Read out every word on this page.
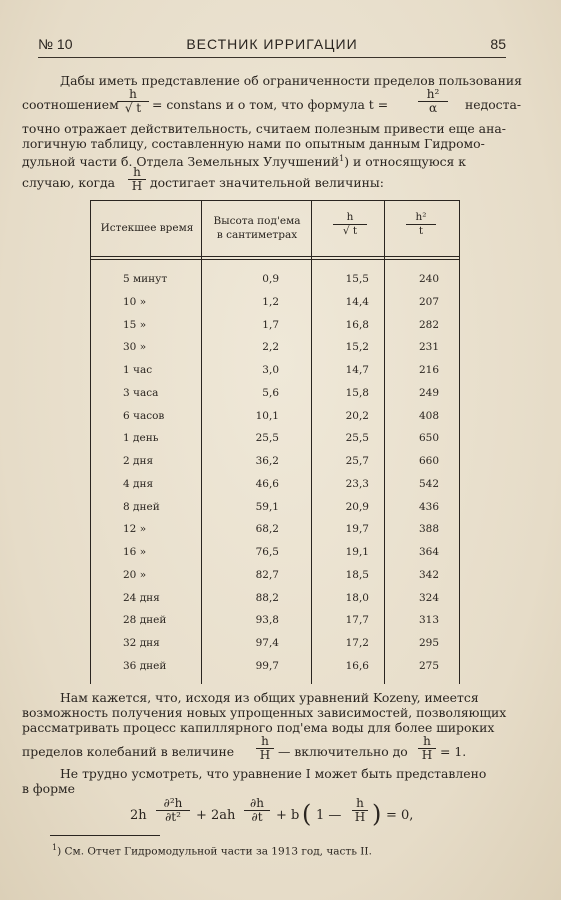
№ 10	ВЕСТНИК ИРРИГАЦИИ	85
Дабы иметь представление об ограниченности пределов пользования
соотношением
$\frac{h}{√ t}$ = constans и о том, что формула $t = \frac{\text{h²}}{\alpha}$ недоста-
точно отражает действительность, считаем полезным привести еще ана-
логичную таблицу, составленную нами по опытным данным Гидромо-
дульной части б. Отдела Земельных Улучшений$^1$) и относящуюся к
случаю, когда $\frac{h}{H}$ достигает значительной величины:
Истекшее время
Высота под'ема
в сантиметрах	$\frac{h}{√ t}$	$\frac{\text{h²}}{t}$
5 минут	0,9	15,5	240
10 »	1,2	14,4	207
15 »	1,7	16,8	282
30 »	2,2	15,2	231
1 час	3,0	14,7	216
3 часа	5,6	15,8	249
6 часов	10,1	20,2	408
1 день	25,5	25,5	650
2 дня	36,2	25,7	660
4 дня	46,6	23,3	542
8 дней	59,1	20,9	436
12 »	68,2	19,7	388
16 »	76,5	19,1	364
20 »	82,7	18,5	342
24 дня	88,2	18,0	324
28 дней	93,8	17,7	313
32 дня	97,4	17,2	295
36 дней	99,7	16,6	275
Нам кажется, что, исходя из общих уравнений Kozeny, имеется
возможность получения новых упрощенных зависимостей, позволяющих
рассматривать процесс капиллярного под'ема воды для более широких
пределов колебаний в величине $\frac{h}{H}$ — включительно до $\frac{h}{H} = 1$.
Не трудно усмотреть, что уравнение I может быть представлено
в форме
$2h \frac{\text{∂²h}}{\text{∂t²}} + 2ah \frac{\partial h}{\partial t} + b$ ( 1 — $\frac{h}{H}$ ) = 0,
$^1$) См. Отчет Гидромодульной части за 1913 год, часть II.
